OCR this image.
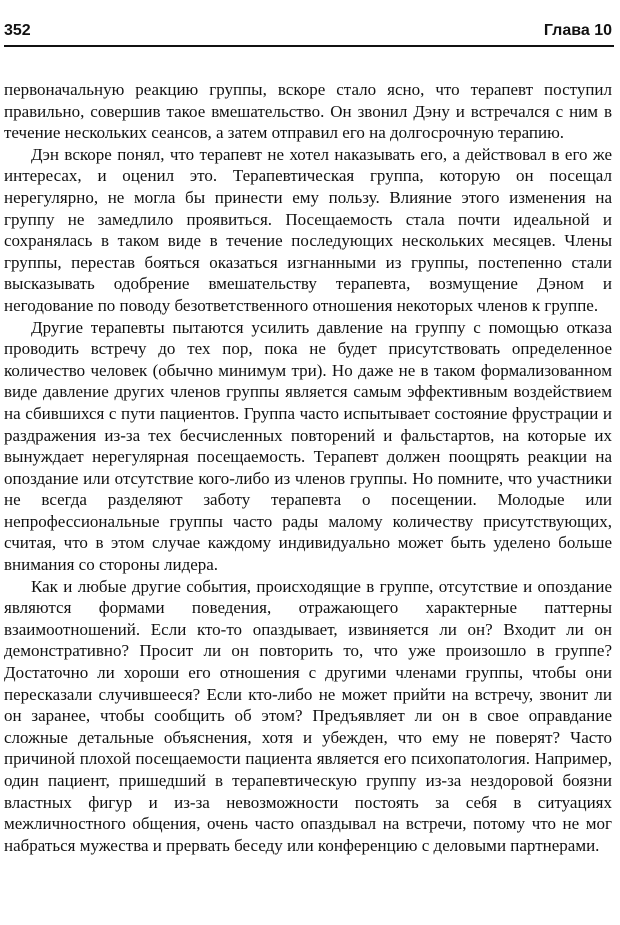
352	Глава 10

первоначальную реакцию группы, вскоре стало ясно, что терапевт поступил правильно, совершив такое вмешательство. Он звонил Дэну и встречался с ним в течение нескольких сеансов, а затем отправил его на долгосрочную терапию.

Дэн вскоре понял, что терапевт не хотел наказывать его, а действовал в его же интересах, и оценил это. Терапевтическая группа, которую он посещал нерегулярно, не могла бы принести ему пользу. Влияние этого изменения на группу не замедлило проявиться. Посещаемость стала почти идеальной и сохранялась в таком виде в течение последующих нескольких месяцев. Члены группы, перестав бояться оказаться изгнанными из группы, постепенно стали высказывать одобрение вмешательству терапевта, возмущение Дэном и негодование по поводу безответственного отношения некоторых членов к группе.

Другие терапевты пытаются усилить давление на группу с помощью отказа проводить встречу до тех пор, пока не будет присутствовать определенное количество человек (обычно минимум три). Но даже не в таком формализованном виде давление других членов группы является самым эффективным воздействием на сбившихся с пути пациентов. Группа часто испытывает состояние фрустрации и раздражения из-за тех бесчисленных повторений и фальстартов, на которые их вынуждает нерегулярная посещаемость. Терапевт должен поощрять реакции на опоздание или отсутствие кого-либо из членов группы. Но помните, что участники не всегда разделяют заботу терапевта о посещении. Молодые или непрофессиональные группы часто рады малому количеству присутствующих, считая, что в этом случае каждому индивидуально может быть уделено больше внимания со стороны лидера.

Как и любые другие события, происходящие в группе, отсутствие и опоздание являются формами поведения, отражающего характерные паттерны взаимоотношений. Если кто-то опаздывает, извиняется ли он? Входит ли он демонстративно? Просит ли он повторить то, что уже произошло в группе? Достаточно ли хороши его отношения с другими членами группы, чтобы они пересказали случившееся? Если кто-либо не может прийти на встречу, звонит ли он заранее, чтобы сообщить об этом? Предъявляет ли он в свое оправдание сложные детальные объяснения, хотя и убежден, что ему не поверят? Часто причиной плохой посещаемости пациента является его психопатология. Например, один пациент, пришедший в терапевтическую группу из-за нездоровой боязни властных фигур и из-за невозможности постоять за себя в ситуациях межличностного общения, очень часто опаздывал на встречи, потому что не мог набраться мужества и прервать беседу или конференцию с деловыми партнерами.
